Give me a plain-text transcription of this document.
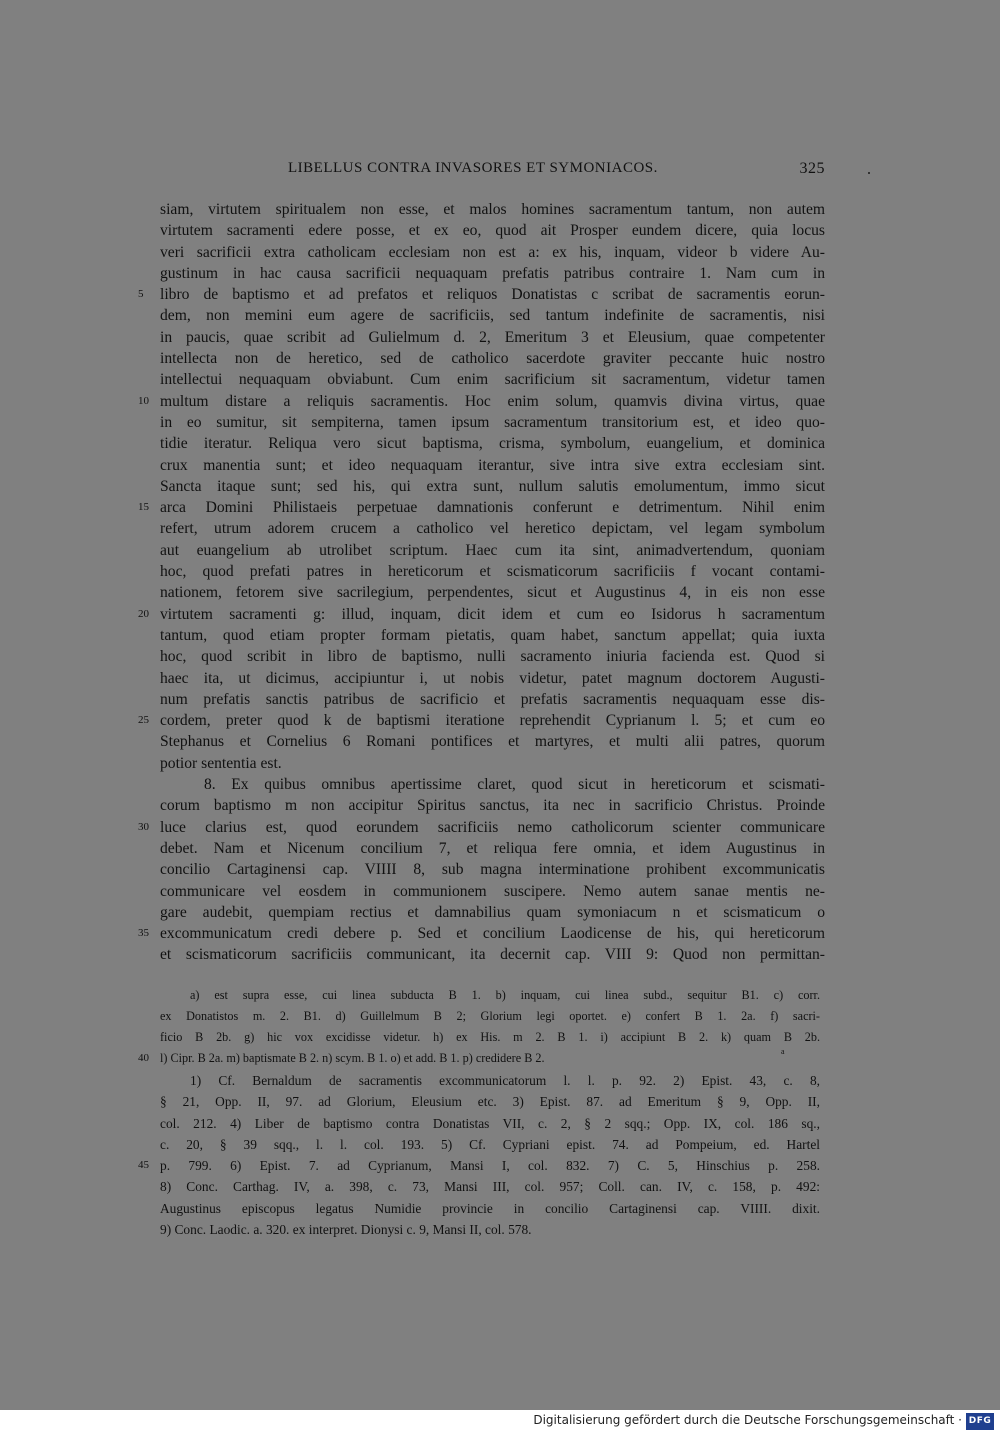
LIBELLUS CONTRA INVASORES ET SYMONIACOS.	325
siam, virtutem spiritualem non esse, et malos homines sacramentum tantum, non autem
virtutem sacramenti edere posse, et ex eo, quod ait Prosper eundem dicere, quia locus
veri sacrificii extra catholicam ecclesiam non est a: ex his, inquam, videor b videre Au-
gustinum in hac causa sacrificii nequaquam prefatis patribus contraire 1. Nam cum in
libro de baptismo et ad prefatos et reliquos Donatistas c scribat de sacramentis eorun-
5
dem, non memini eum agere de sacrificiis, sed tantum indefinite de sacramentis, nisi
in paucis, quae scribit ad Gulielmum d. 2, Emeritum 3 et Eleusium, quae competenter
intellecta non de heretico, sed de catholico sacerdote graviter peccante huic nostro
intellectui nequaquam obviabunt. Cum enim sacrificium sit sacramentum, videtur tamen
multum distare a reliquis sacramentis. Hoc enim solum, quamvis divina virtus, quae
10
in eo sumitur, sit sempiterna, tamen ipsum sacramentum transitorium est, et ideo quo-
tidie iteratur. Reliqua vero sicut baptisma, crisma, symbolum, euangelium, et dominica
crux manentia sunt; et ideo nequaquam iterantur, sive intra sive extra ecclesiam sint.
Sancta itaque sunt; sed his, qui extra sunt, nullum salutis emolumentum, immo sicut
arca Domini Philistaeis perpetuae damnationis conferunt e detrimentum. Nihil enim
15
refert, utrum adorem crucem a catholico vel heretico depictam, vel legam symbolum
aut euangelium ab utrolibet scriptum. Haec cum ita sint, animadvertendum, quoniam
hoc, quod prefati patres in hereticorum et scismaticorum sacrificiis f vocant contami-
nationem, fetorem sive sacrilegium, perpendentes, sicut et Augustinus 4, in eis non esse
virtutem sacramenti g: illud, inquam, dicit idem et cum eo Isidorus h sacramentum
20
tantum, quod etiam propter formam pietatis, quam habet, sanctum appellat; quia iuxta
hoc, quod scribit in libro de baptismo, nulli sacramento iniuria facienda est. Quod si
haec ita, ut dicimus, accipiuntur i, ut nobis videtur, patet magnum doctorem Augusti-
num prefatis sanctis patribus de sacrificio et prefatis sacramentis nequaquam esse dis-
cordem, preter quod k de baptismi iteratione reprehendit Cyprianum l. 5; et cum eo
25
Stephanus et Cornelius 6 Romani pontifices et martyres, et multi alii patres, quorum
potior sententia est.
8. Ex quibus omnibus apertissime claret, quod sicut in hereticorum et scismati-
corum baptismo m non accipitur Spiritus sanctus, ita nec in sacrificio Christus. Proinde
luce clarius est, quod eorundem sacrificiis nemo catholicorum scienter communicare
30
debet. Nam et Nicenum concilium 7, et reliqua fere omnia, et idem Augustinus in
concilio Cartaginensi cap. VIIII 8, sub magna interminatione prohibent excommunicatis
communicare vel eosdem in communionem suscipere. Nemo autem sanae mentis ne-
gare audebit, quempiam rectius et damnabilius quam symoniacum n et scismaticum o
excommunicatum credi debere p. Sed et concilium Laodicense de his, qui hereticorum
35
et scismaticorum sacrificiis communicant, ita decernit cap. VIII 9: Quod non permittan-
a) est supra esse, cui linea subducta B 1. b) inquam, cui linea subd., sequitur B1. c) corr.
ex Donatistos m. 2. B1. d) Guillelmum B 2; Glorium legi oportet. e) confert B 1. 2a. f) sacri-
ficio B 2b. g) hic vox excidisse videtur. h) ex His. m 2. B 1. i) accipiunt B 2. k) quam B 2b.
l) Cipr. B 2a. m) baptismate B 2. n) scym. B 1. o) et add. B 1. p) credidere B 2.
40
a
1) Cf. Bernaldum de sacramentis excommunicatorum l. l. p. 92. 2) Epist. 43, c. 8,
§ 21, Opp. II, 97. ad Glorium, Eleusium etc. 3) Epist. 87. ad Emeritum § 9, Opp. II,
col. 212. 4) Liber de baptismo contra Donatistas VII, c. 2, § 2 sqq.; Opp. IX, col. 186 sq.,
c. 20, § 39 sqq., l. l. col. 193. 5) Cf. Cypriani epist. 74. ad Pompeium, ed. Hartel
p. 799. 6) Epist. 7. ad Cyprianum, Mansi I, col. 832. 7) C. 5, Hinschius p. 258.
45
8) Conc. Carthag. IV, a. 398, c. 73, Mansi III, col. 957; Coll. can. IV, c. 158, p. 492:
Augustinus episcopus legatus Numidie provincie in concilio Cartaginensi cap. VIIII. dixit.
9) Conc. Laodic. a. 320. ex interpret. Dionysi c. 9, Mansi II, col. 578.
Digitalisierung gefördert durch die Deutsche Forschungsgemeinschaft · DFG
